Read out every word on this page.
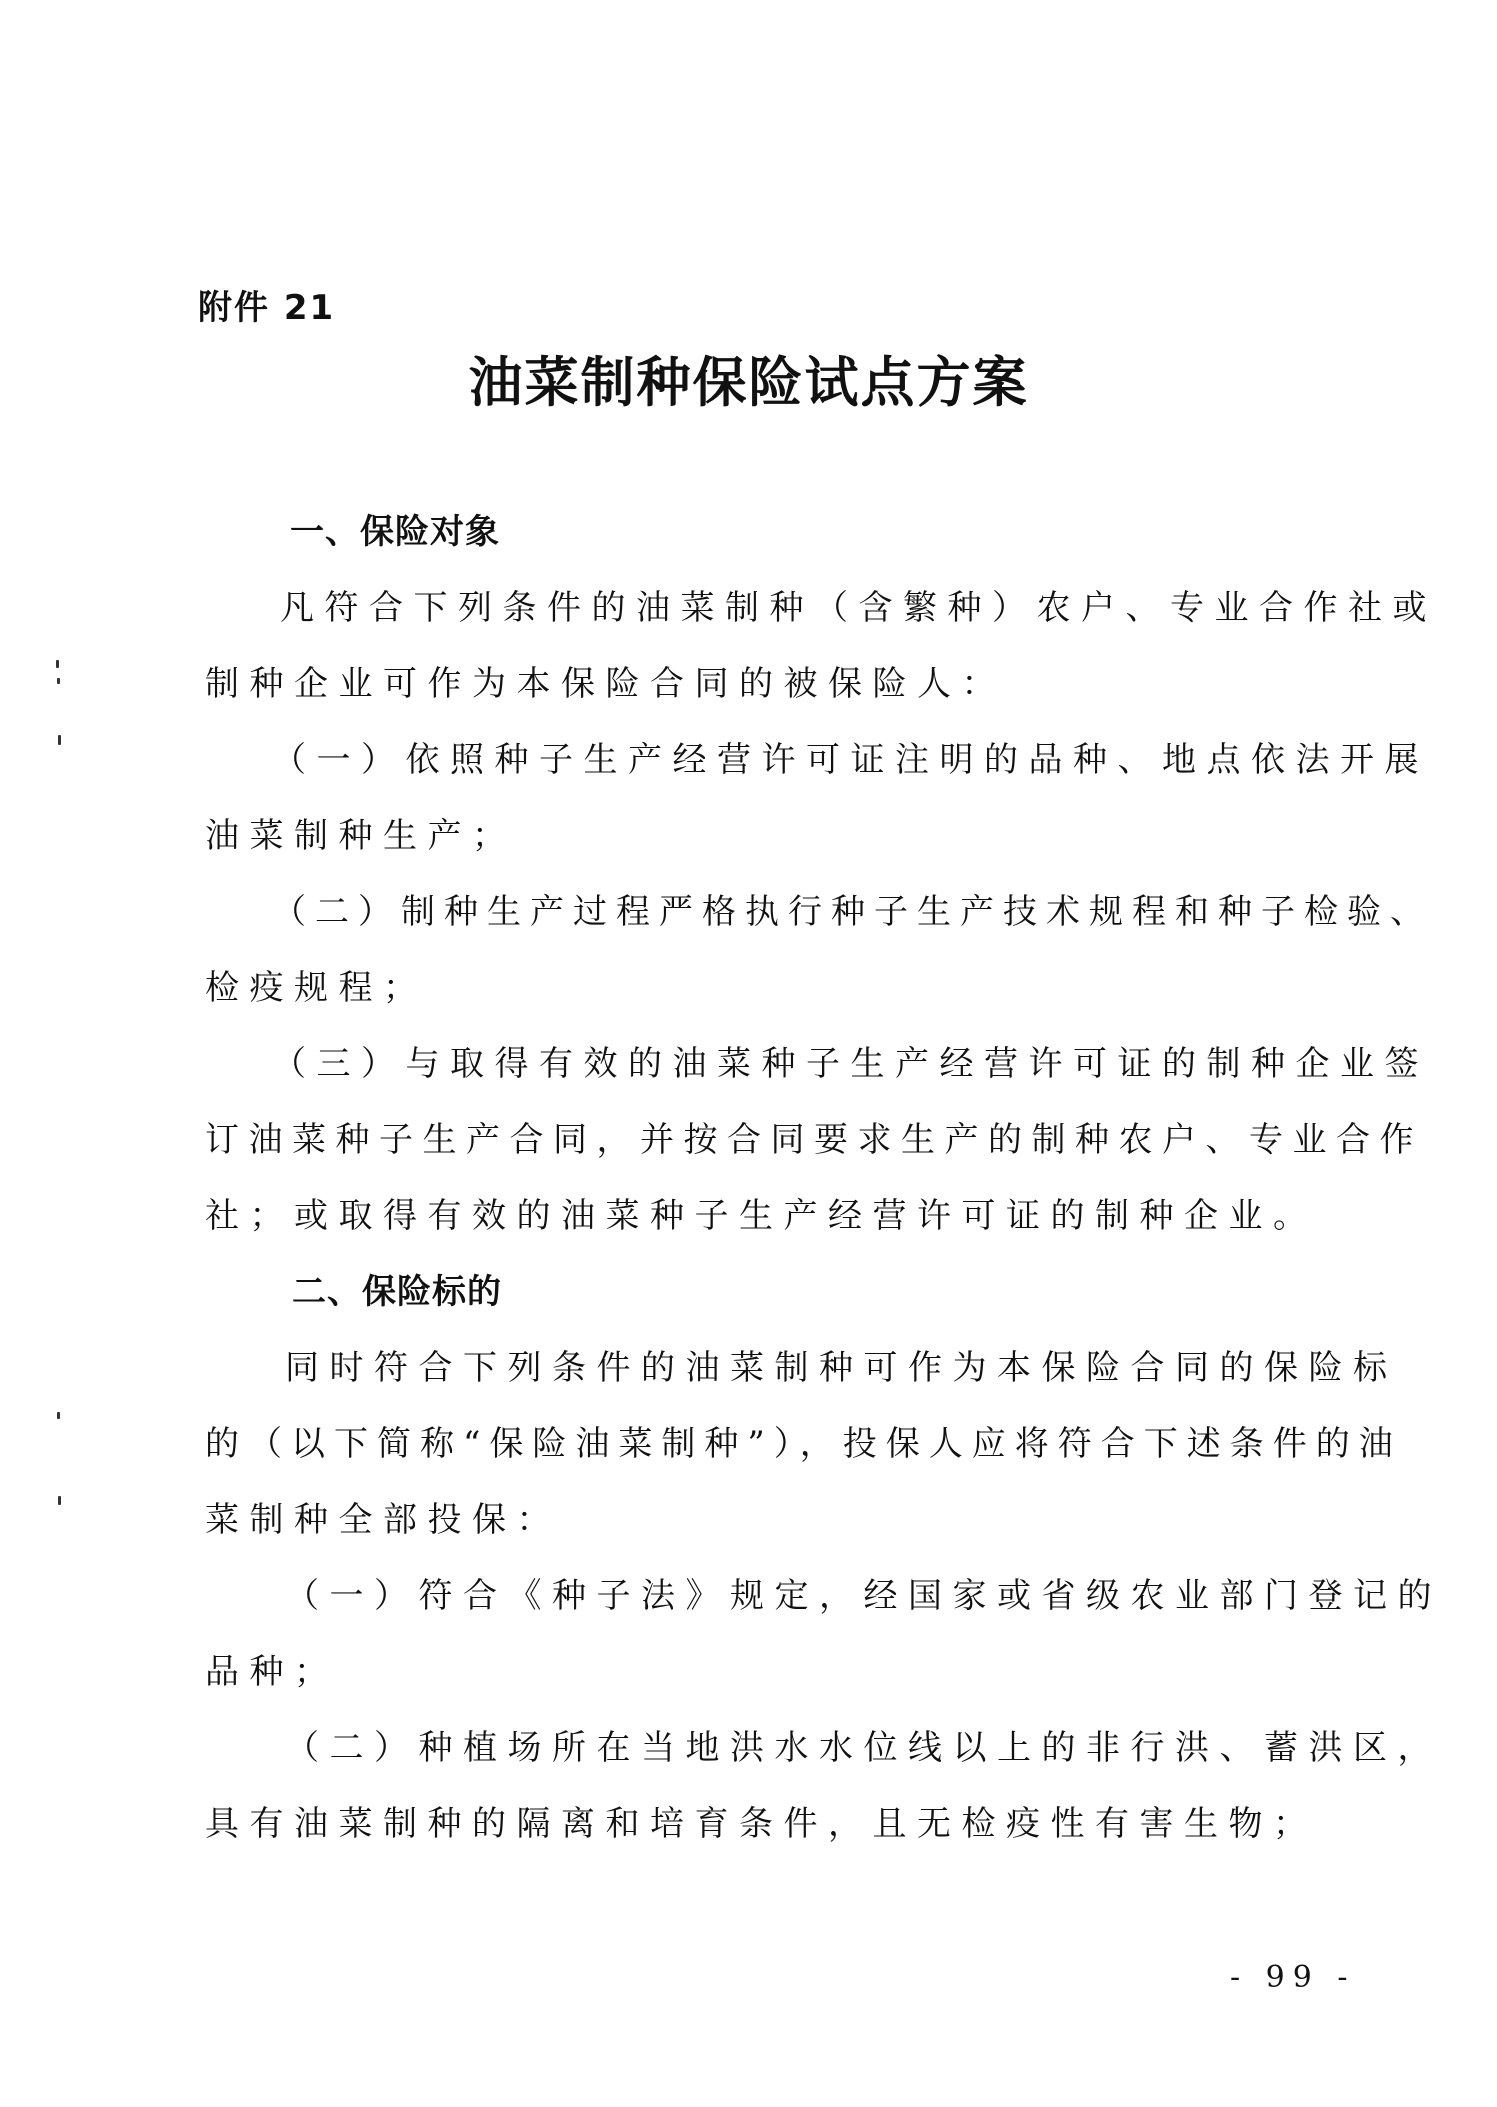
附件 21
油菜制种保险试点方案
一、保险对象
凡符合下列条件的油菜制种（含繁种）农户、专业合作社或
制种企业可作为本保险合同的被保险人：
（一）依照种子生产经营许可证注明的品种、地点依法开展
油菜制种生产；
（二）制种生产过程严格执行种子生产技术规程和种子检验、
检疫规程；
（三）与取得有效的油菜种子生产经营许可证的制种企业签
订油菜种子生产合同，并按合同要求生产的制种农户、专业合作
社；或取得有效的油菜种子生产经营许可证的制种企业。
二、保险标的
同时符合下列条件的油菜制种可作为本保险合同的保险标
的（以下简称“保险油菜制种”），投保人应将符合下述条件的油
菜制种全部投保：
（一）符合《种子法》规定，经国家或省级农业部门登记的
品种；
（二）种植场所在当地洪水水位线以上的非行洪、蓄洪区，
具有油菜制种的隔离和培育条件，且无检疫性有害生物；
- 99 -
